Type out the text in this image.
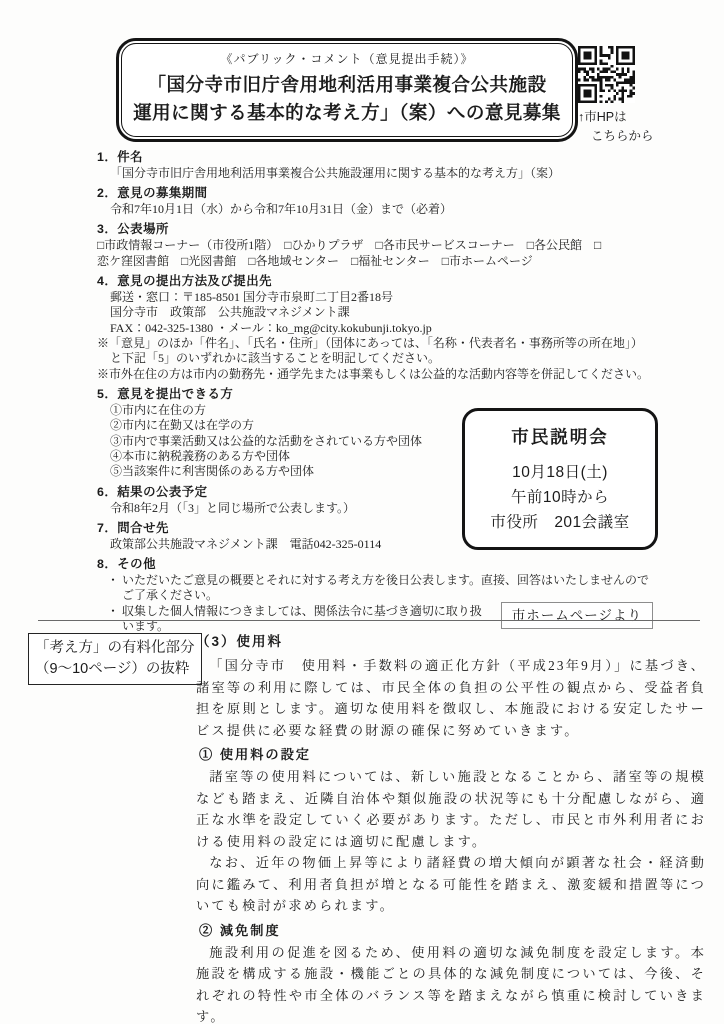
《パブリック・コメント（意見提出手続）》
「国分寺市旧庁舎用地利活用事業複合公共施設
運用に関する基本的な考え方」（案）への意見募集	↑市HPは
こちらから
1．件名
「国分寺市旧庁舎用地利活用事業複合公共施設運用に関する基本的な考え方」（案）
2．意見の募集期間
令和7年10月1日（水）から令和7年10月31日（金）まで（必着）
3．公表場所
□市政情報コーナー（市役所1階）　□ひかりプラザ　□各市民サービスコーナー　□各公民館　□
恋ケ窪図書館　□光図書館　□各地域センター　□福祉センター　□市ホームページ
4．意見の提出方法及び提出先
郵送・窓口：〒185-8501 国分寺市泉町二丁目2番18号
国分寺市　政策部　公共施設マネジメント課
FAX：042-325-1380 ・メール：ko_mg@city.kokubunji.tokyo.jp
※「意見」のほか「件名」、「氏名・住所」（団体にあっては、「名称・代表者名・事務所等の所在地」）
と下記「5」のいずれかに該当することを明記してください。
※市外在住の方は市内の勤務先・通学先または事業もしくは公益的な活動内容等を併記してください。
5．意見を提出できる方
①市内に在住の方
②市内に在勤又は在学の方
③市内で事業活動又は公益的な活動をされている方や団体
④本市に納税義務のある方や団体
⑤当該案件に利害関係のある方や団体
6．結果の公表予定
令和8年2月（「3」と同じ場所で公表します。）
7．問合せ先
政策部公共施設マネジメント課　電話042-325-0114
8．その他
・ いただいたご意見の概要とそれに対する考え方を後日公表します。直接、回答はいたしませんのでご了承ください。
・ 収集した個人情報につきましては、関係法令に基づき適切に取り扱います。
市ホームページより
市民説明会
10月18日(土)
午前10時から
市役所　201会議室
「考え方」の有料化部分
（9～10ページ）の抜粋
（3）使用料

「国分寺市　使用料・手数料の適正化方針（平成23年9月）」に基づき、諸室等の利用に際しては、市民全体の負担の公平性の観点から、受益者負担を原則とします。適切な使用料を徴収し、本施設における安定したサービス提供に必要な経費の財源の確保に努めていきます。

① 使用料の設定

諸室等の使用料については、新しい施設となることから、諸室等の規模なども踏まえ、近隣自治体や類似施設の状況等にも十分配慮しながら、適正な水準を設定していく必要があります。ただし、市民と市外利用者における使用料の設定には適切に配慮します。

なお、近年の物価上昇等により諸経費の増大傾向が顕著な社会・経済動向に鑑みて、利用者負担が増となる可能性を踏まえ、激変緩和措置等についても検討が求められます。

② 減免制度

施設利用の促進を図るため、使用料の適切な減免制度を設定します。本施設を構成する施設・機能ごとの具体的な減免制度については、今後、それぞれの特性や市全体のバランス等を踏まえながら慎重に検討していきます。
